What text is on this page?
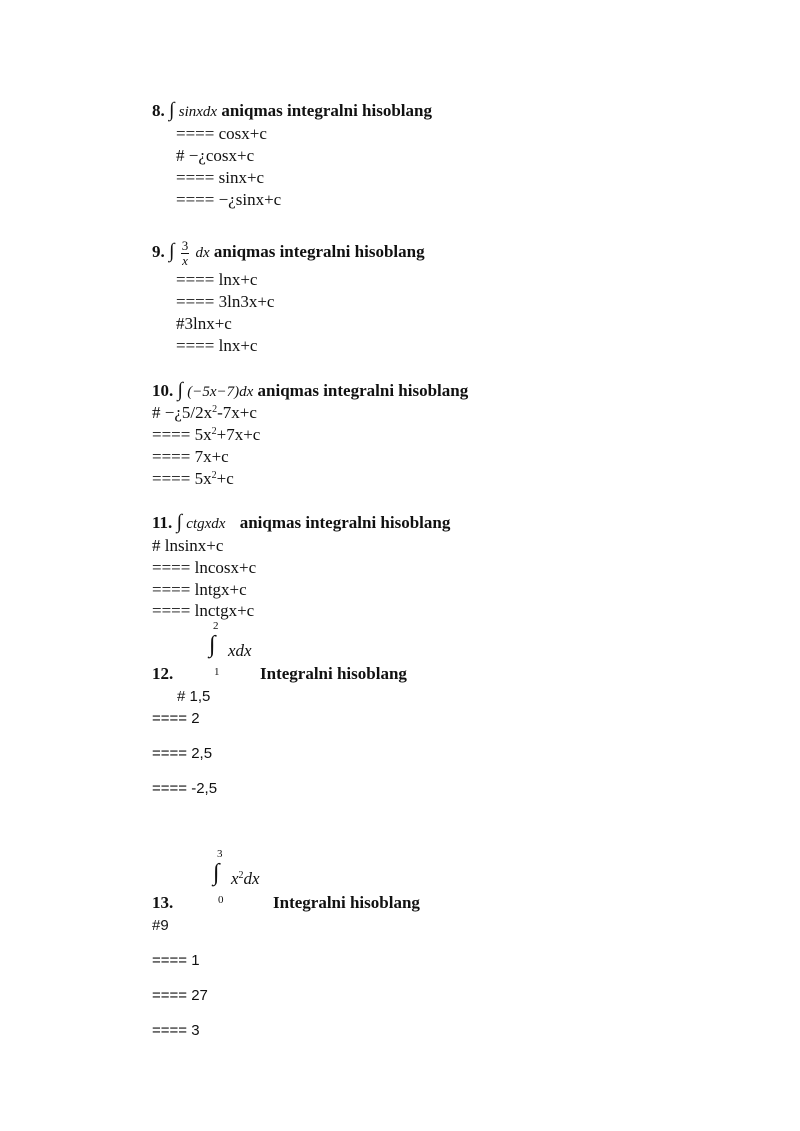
8. ∫ sinxdx aniqmas integralni hisoblang
==== cosx+c
# −¿cosx+c
==== sinx+c
==== −¿sinx+c
9. ∫ $\frac{3}{x}$ dx aniqmas integralni hisoblang
==== lnx+c
==== 3ln3x+c
#3lnx+c
==== lnx+c
10. ∫ (−5x−7)dx aniqmas integralni hisoblang
# $-¿5/2x^2-7x+c$
==== $5x^2+7x+c$
==== 7x+c
==== $5x^2+c$
11. ∫ ctgxdx aniqmas integralni hisoblang
# lnsinx+c
==== lncosx+c
==== lntgx+c
==== lnctgx+c
2
∫ xdx
1
12.	Integralni hisoblang
# 1,5
==== 2
==== 2,5
==== -2,5
3
∫ $x^2dx$
0
13.	Integralni hisoblang
#9
==== 1
==== 27
==== 3
